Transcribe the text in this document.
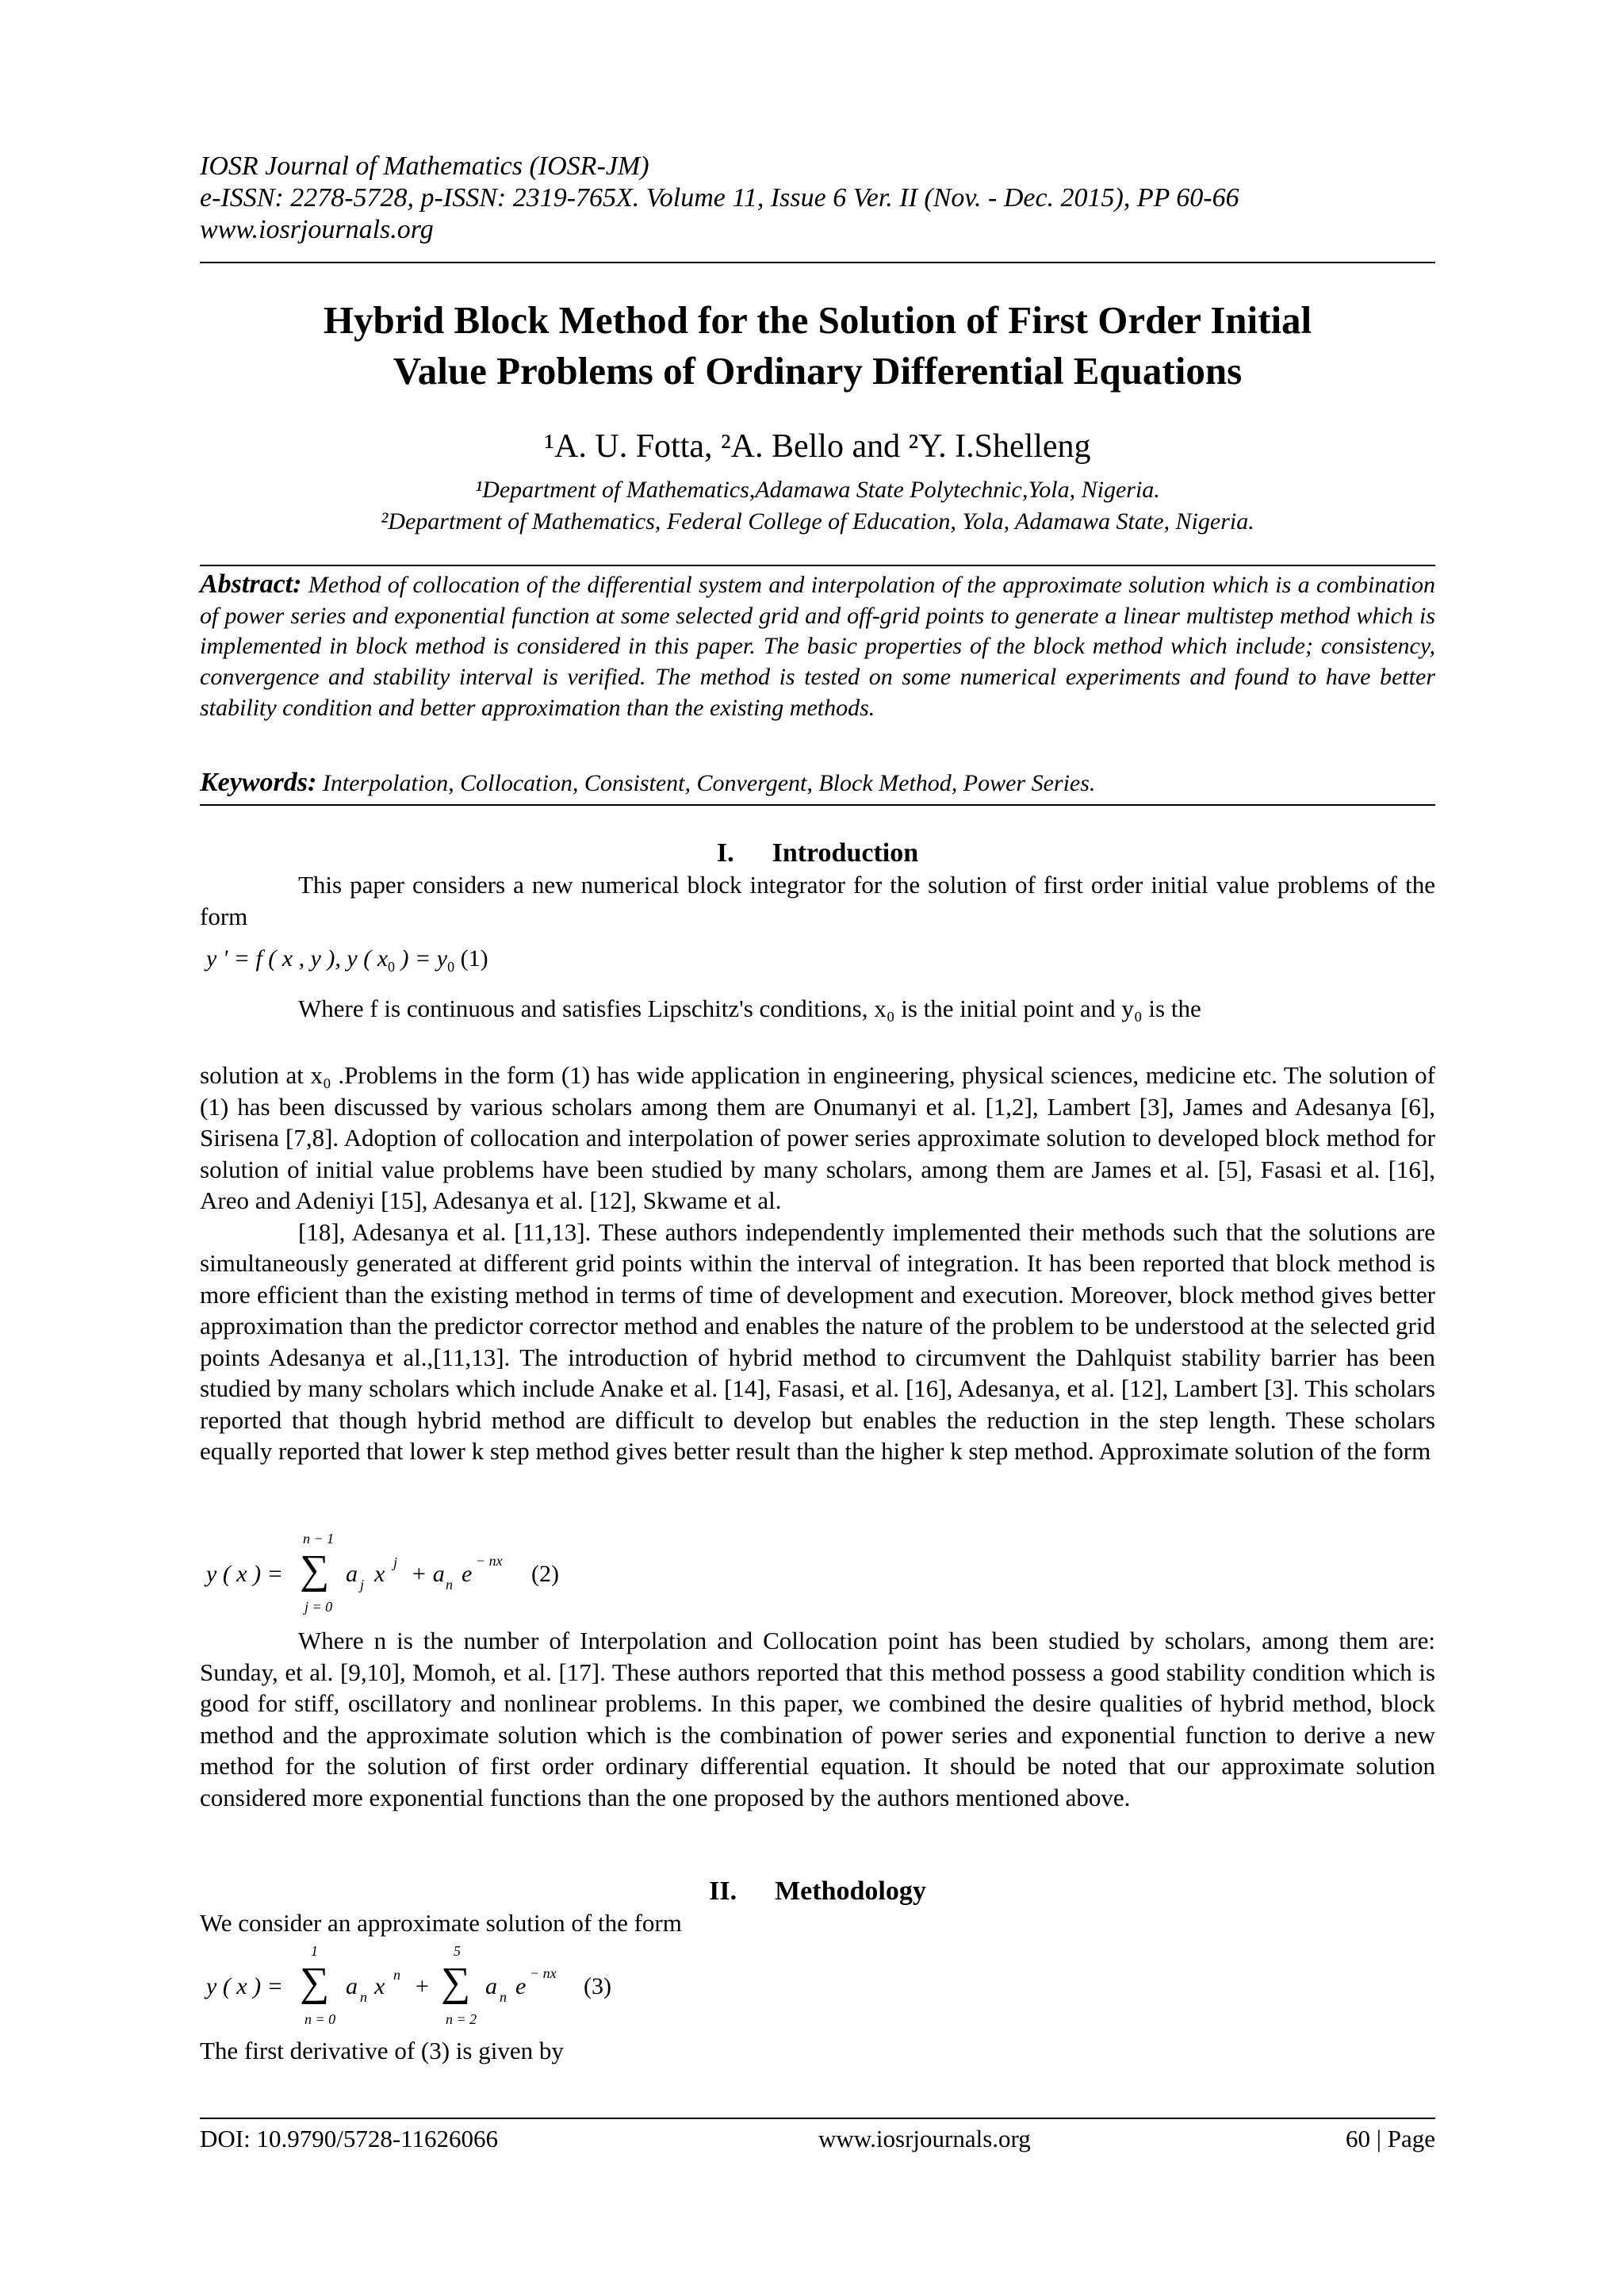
IOSR Journal of Mathematics (IOSR-JM)
e-ISSN: 2278-5728, p-ISSN: 2319-765X. Volume 11, Issue 6 Ver. II (Nov. - Dec. 2015), PP 60-66
www.iosrjournals.org
Hybrid Block Method for the Solution of First Order Initial
Value Problems of Ordinary Differential Equations
¹A. U. Fotta, ²A. Bello and ²Y. I.Shelleng
¹Department of Mathematics,Adamawa State Polytechnic,Yola, Nigeria.
²Department of Mathematics, Federal College of Education, Yola, Adamawa State, Nigeria.
Abstract: Method of collocation of the differential system and interpolation of the approximate solution which is a combination of power series and exponential function at some selected grid and off-grid points to generate a linear multistep method which is implemented in block method is considered in this paper. The basic properties of the block method which include; consistency, convergence and stability interval is verified. The method is tested on some numerical experiments and found to have better stability condition and better approximation than the existing methods.
Keywords: Interpolation, Collocation, Consistent, Convergent, Block Method, Power Series.
I. Introduction
This paper considers a new numerical block integrator for the solution of first order initial value problems of the form
y ' = f ( x , y ), y ( $x_0$ ) = $y_0$ (1)
Where f is continuous and satisfies Lipschitz's conditions, x₀ is the initial point and y₀ is the
solution at x₀ .Problems in the form (1) has wide application in engineering, physical sciences, medicine etc. The solution of (1) has been discussed by various scholars among them are Onumanyi et al. [1,2], Lambert [3], James and Adesanya [6], Sirisena [7,8]. Adoption of collocation and interpolation of power series approximate solution to developed block method for solution of initial value problems have been studied by many scholars, among them are James et al. [5], Fasasi et al. [16], Areo and Adeniyi [15], Adesanya et al. [12], Skwame et al.
[18], Adesanya et al. [11,13]. These authors independently implemented their methods such that the solutions are simultaneously generated at different grid points within the interval of integration. It has been reported that block method is more efficient than the existing method in terms of time of development and execution. Moreover, block method gives better approximation than the predictor corrector method and enables the nature of the problem to be understood at the selected grid points Adesanya et al.,[11,13]. The introduction of hybrid method to circumvent the Dahlquist stability barrier has been studied by many scholars which include Anake et al. [14], Fasasi, et al. [16], Adesanya, et al. [12], Lambert [3]. This scholars reported that though hybrid method are difficult to develop but enables the reduction in the step length. These scholars equally reported that lower k step method gives better result than the higher k step method. Approximate solution of the form
n − 1
y ( x ) = ∑ a j x j + a n e − nx (2)
j = 0
Where n is the number of Interpolation and Collocation point has been studied by scholars, among them are: Sunday, et al. [9,10], Momoh, et al. [17]. These authors reported that this method possess a good stability condition which is good for stiff, oscillatory and nonlinear problems. In this paper, we combined the desire qualities of hybrid method, block method and the approximate solution which is the combination of power series and exponential function to derive a new method for the solution of first order ordinary differential equation. It should be noted that our approximate solution considered more exponential functions than the one proposed by the authors mentioned above.
II. Methodology
We consider an approximate solution of the form
1
y ( x ) = ∑ a n x n +
5
∑ a n e − nx (3)
n = 0	n = 2
The first derivative of (3) is given by
DOI: 10.9790/5728-11626066	www.iosrjournals.org	60 | Page
